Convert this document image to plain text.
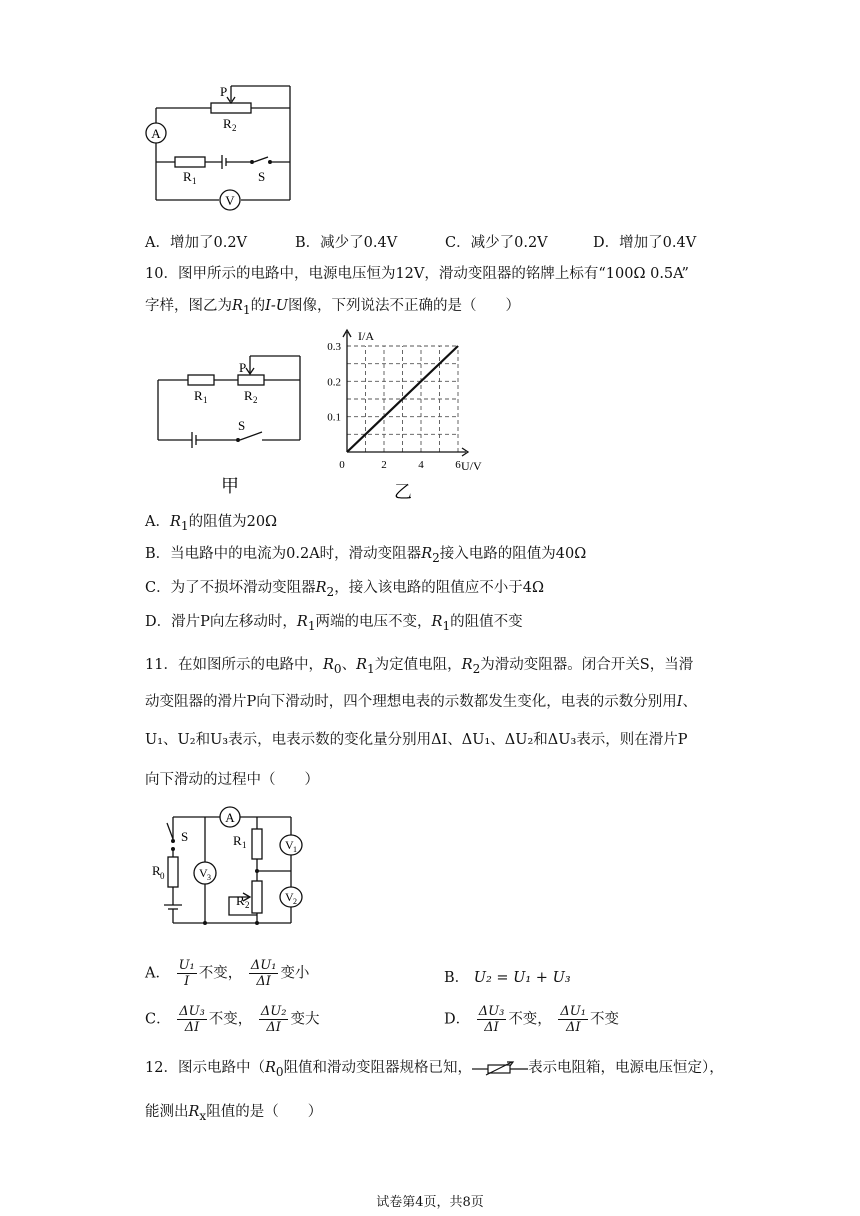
A
V
P
R 2
R 1	S
A．增加了0.2V	B．减少了0.4V	C．减少了0.2V	D．增加了0.4V
10．图甲所示的电路中，电源电压恒为12V，滑动变阻器的铭牌上标有“100Ω 0.5A”
字样，图乙为$R_1$的I-U图像，下列说法不正确的是（　　）
P
R 1	R 2
S
甲
0	2	4	6
0.1
0.2
0.3
I/A
U/V
乙
A．$R_1$的阻值为20Ω
B．当电路中的电流为0.2A时，滑动变阻器$R_2$接入电路的阻值为40Ω
C．为了不损坏滑动变阻器$R_2$，接入该电路的阻值应不小于4Ω
D．滑片P向左移动时，$R_1$两端的电压不变，$R_1$的阻值不变
11．在如图所示的电路中，$R_0$、$R_1$为定值电阻，$R_2$为滑动变阻器。闭合开关S，当滑
动变阻器的滑片P向下滑动时，四个理想电表的示数都发生变化，电表的示数分别用I、
U₁、U₂和U₃表示，电表示数的变化量分别用ΔI、ΔU₁、ΔU₂和ΔU₃表示，则在滑片P
向下滑动的过程中（　　）
A
S
R 0
R 1
R 2
V 3
V 1
V 2
A． $\frac{\text{U₁}}{I}$ 不变， $\frac{\text{ΔU₁}}{\Delta I}$ 变小	B． U₂ = U₁ + U₃
C． $\frac{\text{ΔU₃}}{\Delta I}$ 不变， $\frac{\text{ΔU₂}}{\Delta I}$ 变大	D． $\frac{\text{ΔU₃}}{\Delta I}$ 不变， $\frac{\text{ΔU₁}}{\Delta I}$ 不变
12．图示电路中（$R_0$阻值和滑动变阻器规格已知，	表示电阻箱，电源电压恒定），
能测出$R_x$阻值的是（　　）
试卷第4页，共8页
